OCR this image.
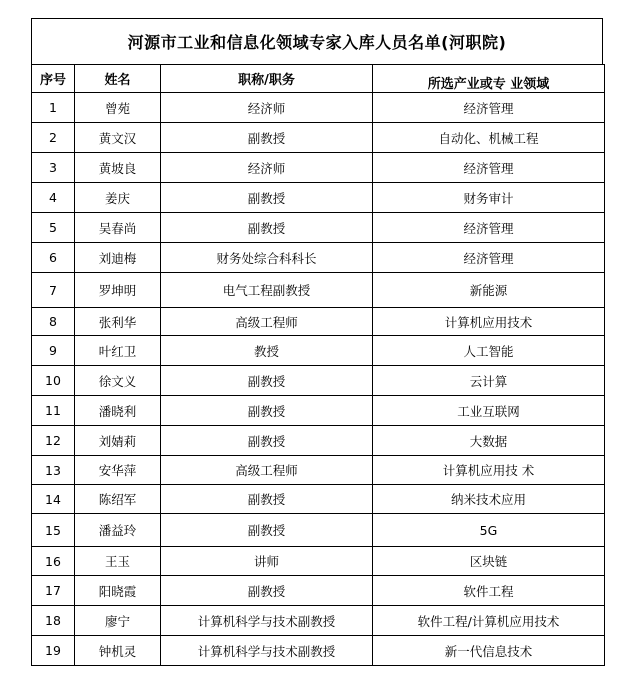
河源市工业和信息化领域专家入库人员名单(河职院)
序号	姓名	职称/职务	所选产业或专 业领域
1	曾苑	经济师	经济管理
2	黄文汉	副教授	自动化、机械工程
3	黄坡良	经济师	经济管理
4	姜庆	副教授	财务审计
5	吴春尚	副教授	经济管理
6	刘迪梅	财务处综合科科长	经济管理
7	罗坤明	电气工程副教授	新能源
8	张利华	高级工程师	计算机应用技术
9	叶红卫	教授	人工智能
10	徐文义	副教授	云计算
11	潘晓利	副教授	工业互联网
12	刘婧莉	副教授	大数据
13	安华萍	高级工程师	计算机应用技 术
14	陈绍军	副教授	纳米技术应用
15	潘益玲	副教授	5G
16	王玉	讲师	区块链
17	阳晓霞	副教授	软件工程
18	廖宁	计算机科学与技术副教授	软件工程/计算机应用技术
19	钟机灵	计算机科学与技术副教授	新一代信息技术
